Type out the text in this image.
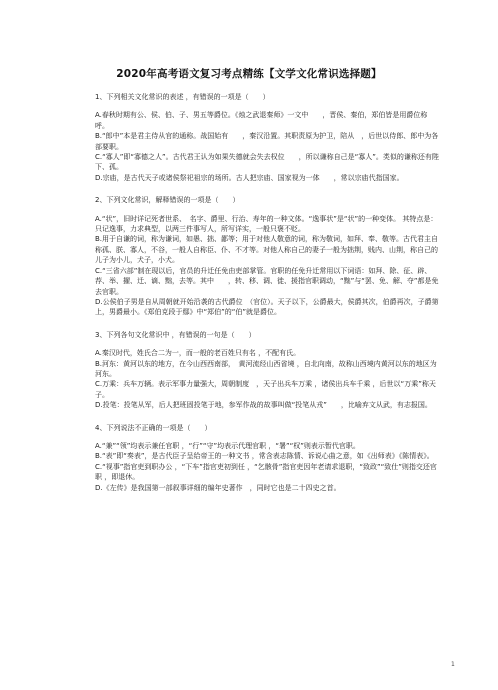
2020年高考语文复习考点精练【文学文化常识选择题】
1、下列相关文化常识的表述 ，有错误的一项是（　　）

A.春秋时期有公、侯、伯、子、男五等爵位。《烛之武退秦师》一文中　　，晋侯、秦伯，郑伯皆是用爵位称呼。

B.“郎中”本是君主侍从官的通称。战国始有　　，秦汉沿置。其职责原为护卫，陪从　，后世以侍郎、郎中为各部要职。

C.“寡人”即“寡德之人”。古代君王认为如果失德就会失去权位　　，所以谦称自己是“寡人”。类似的谦称还有陛下、孤。

D.宗庙，是古代天子或诸侯祭祀祖宗的场所。古人把宗庙、国家视为一体　　，常以宗庙代指国家。

2、下列文化常识，解释错误的一项是（　　）

A.“状”，旧时详记死者世系、　名字、爵里、行治、寿年的一种文体。“逸事状”是“状”的一种变体。 其特点是：只记逸事，力求典型，以两三件事写人，所写详实，一般只褒不贬。

B.用于自谦的词，称为谦词，如愚、拙、鄙等；用于对他人敬意的词，称为敬词，如拜、奉、敬等。古代君主自称孤、朕、寡人，不谷，一般人自称臣、仆、不才等。对他人称自己的妻子一般为拙荆，贱内、山荆，称自己的儿子为小儿，犬子，小犬。

C.“三省六部”制在现以后，官员的升迁任免由吏部掌管。官职的任免升迁常用以下词语：如拜、除、征、辟、荐、举、擢、迁、谪、黜，去等。其中　　，转、移、调、徙、援指官职调动，“黜”与“罢、免、解、夺”都是免去官职。

D.公侯伯子男是自从周朝就开始沿袭的古代爵位　（官位）。天子以下，公爵最大，侯爵其次，伯爵再次，子爵第上，男爵最小。《郑伯克段于鄢》中“郑伯”的“伯”就是爵位。

3、下列各句文化常识中 ，有错误的一句是（　　）

A.秦汉时代，姓氏合二为一，而一般的老百姓只有名 ，不配有氏。

B.河东：黄河以东的地方，在今山西西南部，　黄河流经山西省境 ，自北向南，故称山西境内黄河以东的地区为河东。

C.万乘：兵车万辆。表示军事力量强大，周朝制度　，天子出兵车万乘 ，诸侯出兵车千乘 ，后世以“万乘”称天子。

D.投笔：投笔从军，后人把班固投笔于地，参军作战的故事叫做“投笔从戎”　　，比喻弃文从武，有志报国。

4、下列说法不正确的一项是（　　）

A.“兼”“领”均表示兼任官职 ，“行”“守”均表示代理官职 ，“署”“权”则表示暂代官职。

B.“表”即“奏表”，是古代臣子呈给帝王的一种文书 ，常含表志陈情、诉说心曲之意，如《出师表》《陈情表》。

C.“视事”指官吏到职办公 ，“下车”指官吏初到任 ，“乞骸骨”指官吏因年老请求退职，“致政”“致仕”则指交还官职 ，即退休。

D.《左传》是我国第一部叙事详细的编年史著作　，同时它也是二十四史之首。

1
